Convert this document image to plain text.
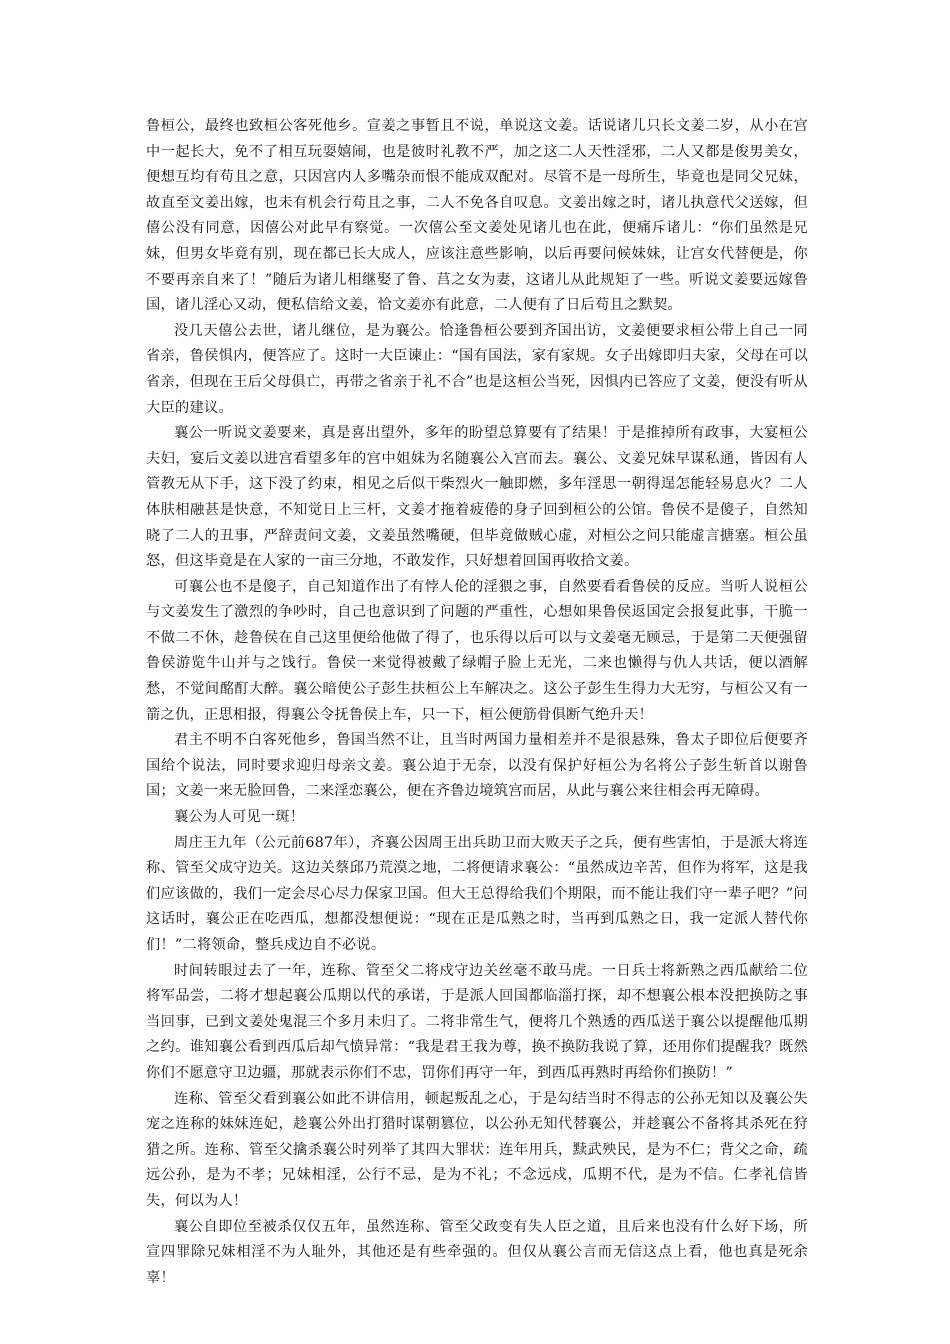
鲁桓公，最终也致桓公客死他乡。宣姜之事暂且不说，单说这文姜。话说诸儿只长文姜二岁，从小在宫中一起长大，免不了相互玩耍嬉闹，也是彼时礼教不严，加之这二人天性淫邪，二人又都是俊男美女，便想互均有苟且之意，只因宫内人多嘴杂而恨不能成双配对。尽管不是一母所生，毕竟也是同父兄妹，故直至文姜出嫁，也未有机会行苟且之事，二人不免各自叹息。文姜出嫁之时，诸儿执意代父送嫁，但僖公没有同意，因僖公对此早有察觉。一次僖公至文姜处见诸儿也在此，便痛斥诸儿：“你们虽然是兄妹，但男女毕竟有别，现在都已长大成人，应该注意些影响，以后再要问候妹妹，让宫女代替便是，你不要再亲自来了！”随后为诸儿相继娶了鲁、莒之女为妻，这诸儿从此规矩了一些。听说文姜要远嫁鲁国，诸儿淫心又动，便私信给文姜，恰文姜亦有此意，二人便有了日后苟且之默契。

没几天僖公去世，诸儿继位，是为襄公。恰逢鲁桓公要到齐国出访，文姜便要求桓公带上自己一同省亲，鲁侯惧内，便答应了。这时一大臣谏止：“国有国法，家有家规。女子出嫁即归夫家，父母在可以省亲，但现在王后父母俱亡，再带之省亲于礼不合”也是这桓公当死，因惧内已答应了文姜，便没有听从大臣的建议。

襄公一听说文姜要来，真是喜出望外，多年的盼望总算要有了结果！于是推掉所有政事，大宴桓公夫妇，宴后文姜以进宫看望多年的宫中姐妹为名随襄公入宫而去。襄公、文姜兄妹早谋私通，皆因有人管教无从下手，这下没了约束，相见之后似干柴烈火一触即燃，多年淫思一朝得逞怎能轻易息火？二人体肤相融甚是快意，不知觉日上三杆，文姜才拖着疲倦的身子回到桓公的公馆。鲁侯不是傻子，自然知晓了二人的丑事，严辞责问文姜，文姜虽然嘴硬，但毕竟做贼心虚，对桓公之问只能虚言搪塞。桓公虽怒，但这毕竟是在人家的一亩三分地，不敢发作，只好想着回国再收拾文姜。

可襄公也不是傻子，自己知道作出了有悖人伦的淫猥之事，自然要看看鲁侯的反应。当听人说桓公与文姜发生了激烈的争吵时，自己也意识到了问题的严重性，心想如果鲁侯返国定会报复此事，干脆一不做二不休，趁鲁侯在自己这里便给他做了得了，也乐得以后可以与文姜毫无顾忌，于是第二天便强留鲁侯游览牛山并与之饯行。鲁侯一来觉得被戴了绿帽子脸上无光，二来也懒得与仇人共话，便以酒解愁，不觉间酩酊大醉。襄公暗使公子彭生扶桓公上车解决之。这公子彭生生得力大无穷，与桓公又有一箭之仇，正思相报，得襄公令抚鲁侯上车，只一下，桓公便筋骨俱断气绝升天！

君主不明不白客死他乡，鲁国当然不让，且当时两国力量相差并不是很悬殊，鲁太子即位后便要齐国给个说法，同时要求迎归母亲文姜。襄公迫于无奈，以没有保护好桓公为名将公子彭生斩首以谢鲁国；文姜一来无脸回鲁，二来淫恋襄公，便在齐鲁边境筑宫而居，从此与襄公来往相会再无障碍。

襄公为人可见一斑！

周庄王九年（公元前687年），齐襄公因周王出兵助卫而大败天子之兵，便有些害怕，于是派大将连称、管至父成守边关。这边关蔡邱乃荒漠之地，二将便请求襄公：“虽然成边辛苦，但作为将军，这是我们应该做的，我们一定会尽心尽力保家卫国。但大王总得给我们个期限，而不能让我们守一辈子吧？”问这话时，襄公正在吃西瓜，想都没想便说：“现在正是瓜熟之时，当再到瓜熟之日，我一定派人替代你们！”二将领命，整兵戍边自不必说。

时间转眼过去了一年，连称、管至父二将戍守边关丝毫不敢马虎。一日兵士将新熟之西瓜献给二位将军品尝，二将才想起襄公瓜期以代的承诺，于是派人回国都临淄打探，却不想襄公根本没把换防之事当回事，已到文姜处鬼混三个多月未归了。二将非常生气，便将几个熟透的西瓜送于襄公以提醒他瓜期之约。谁知襄公看到西瓜后却气愤异常：“我是君王我为尊，换不换防我说了算，还用你们提醒我？既然你们不愿意守卫边疆，那就表示你们不忠，罚你们再守一年，到西瓜再熟时再给你们换防！”

连称、管至父看到襄公如此不讲信用，顿起叛乱之心，于是勾结当时不得志的公孙无知以及襄公失宠之连称的妹妹连妃，趁襄公外出打猎时谋朝篡位，以公孙无知代替襄公，并趁襄公不备将其杀死在狩猎之所。连称、管至父擒杀襄公时列举了其四大罪状：连年用兵，黩武殃民，是为不仁；背父之命，疏远公孙，是为不孝；兄妹相淫，公行不忌，是为不礼；不念远戍，瓜期不代，是为不信。仁孝礼信皆失，何以为人！

襄公自即位至被杀仅仅五年，虽然连称、管至父政变有失人臣之道，且后来也没有什么好下场，所宣四罪除兄妹相淫不为人耻外，其他还是有些牵强的。但仅从襄公言而无信这点上看，他也真是死余辜！
